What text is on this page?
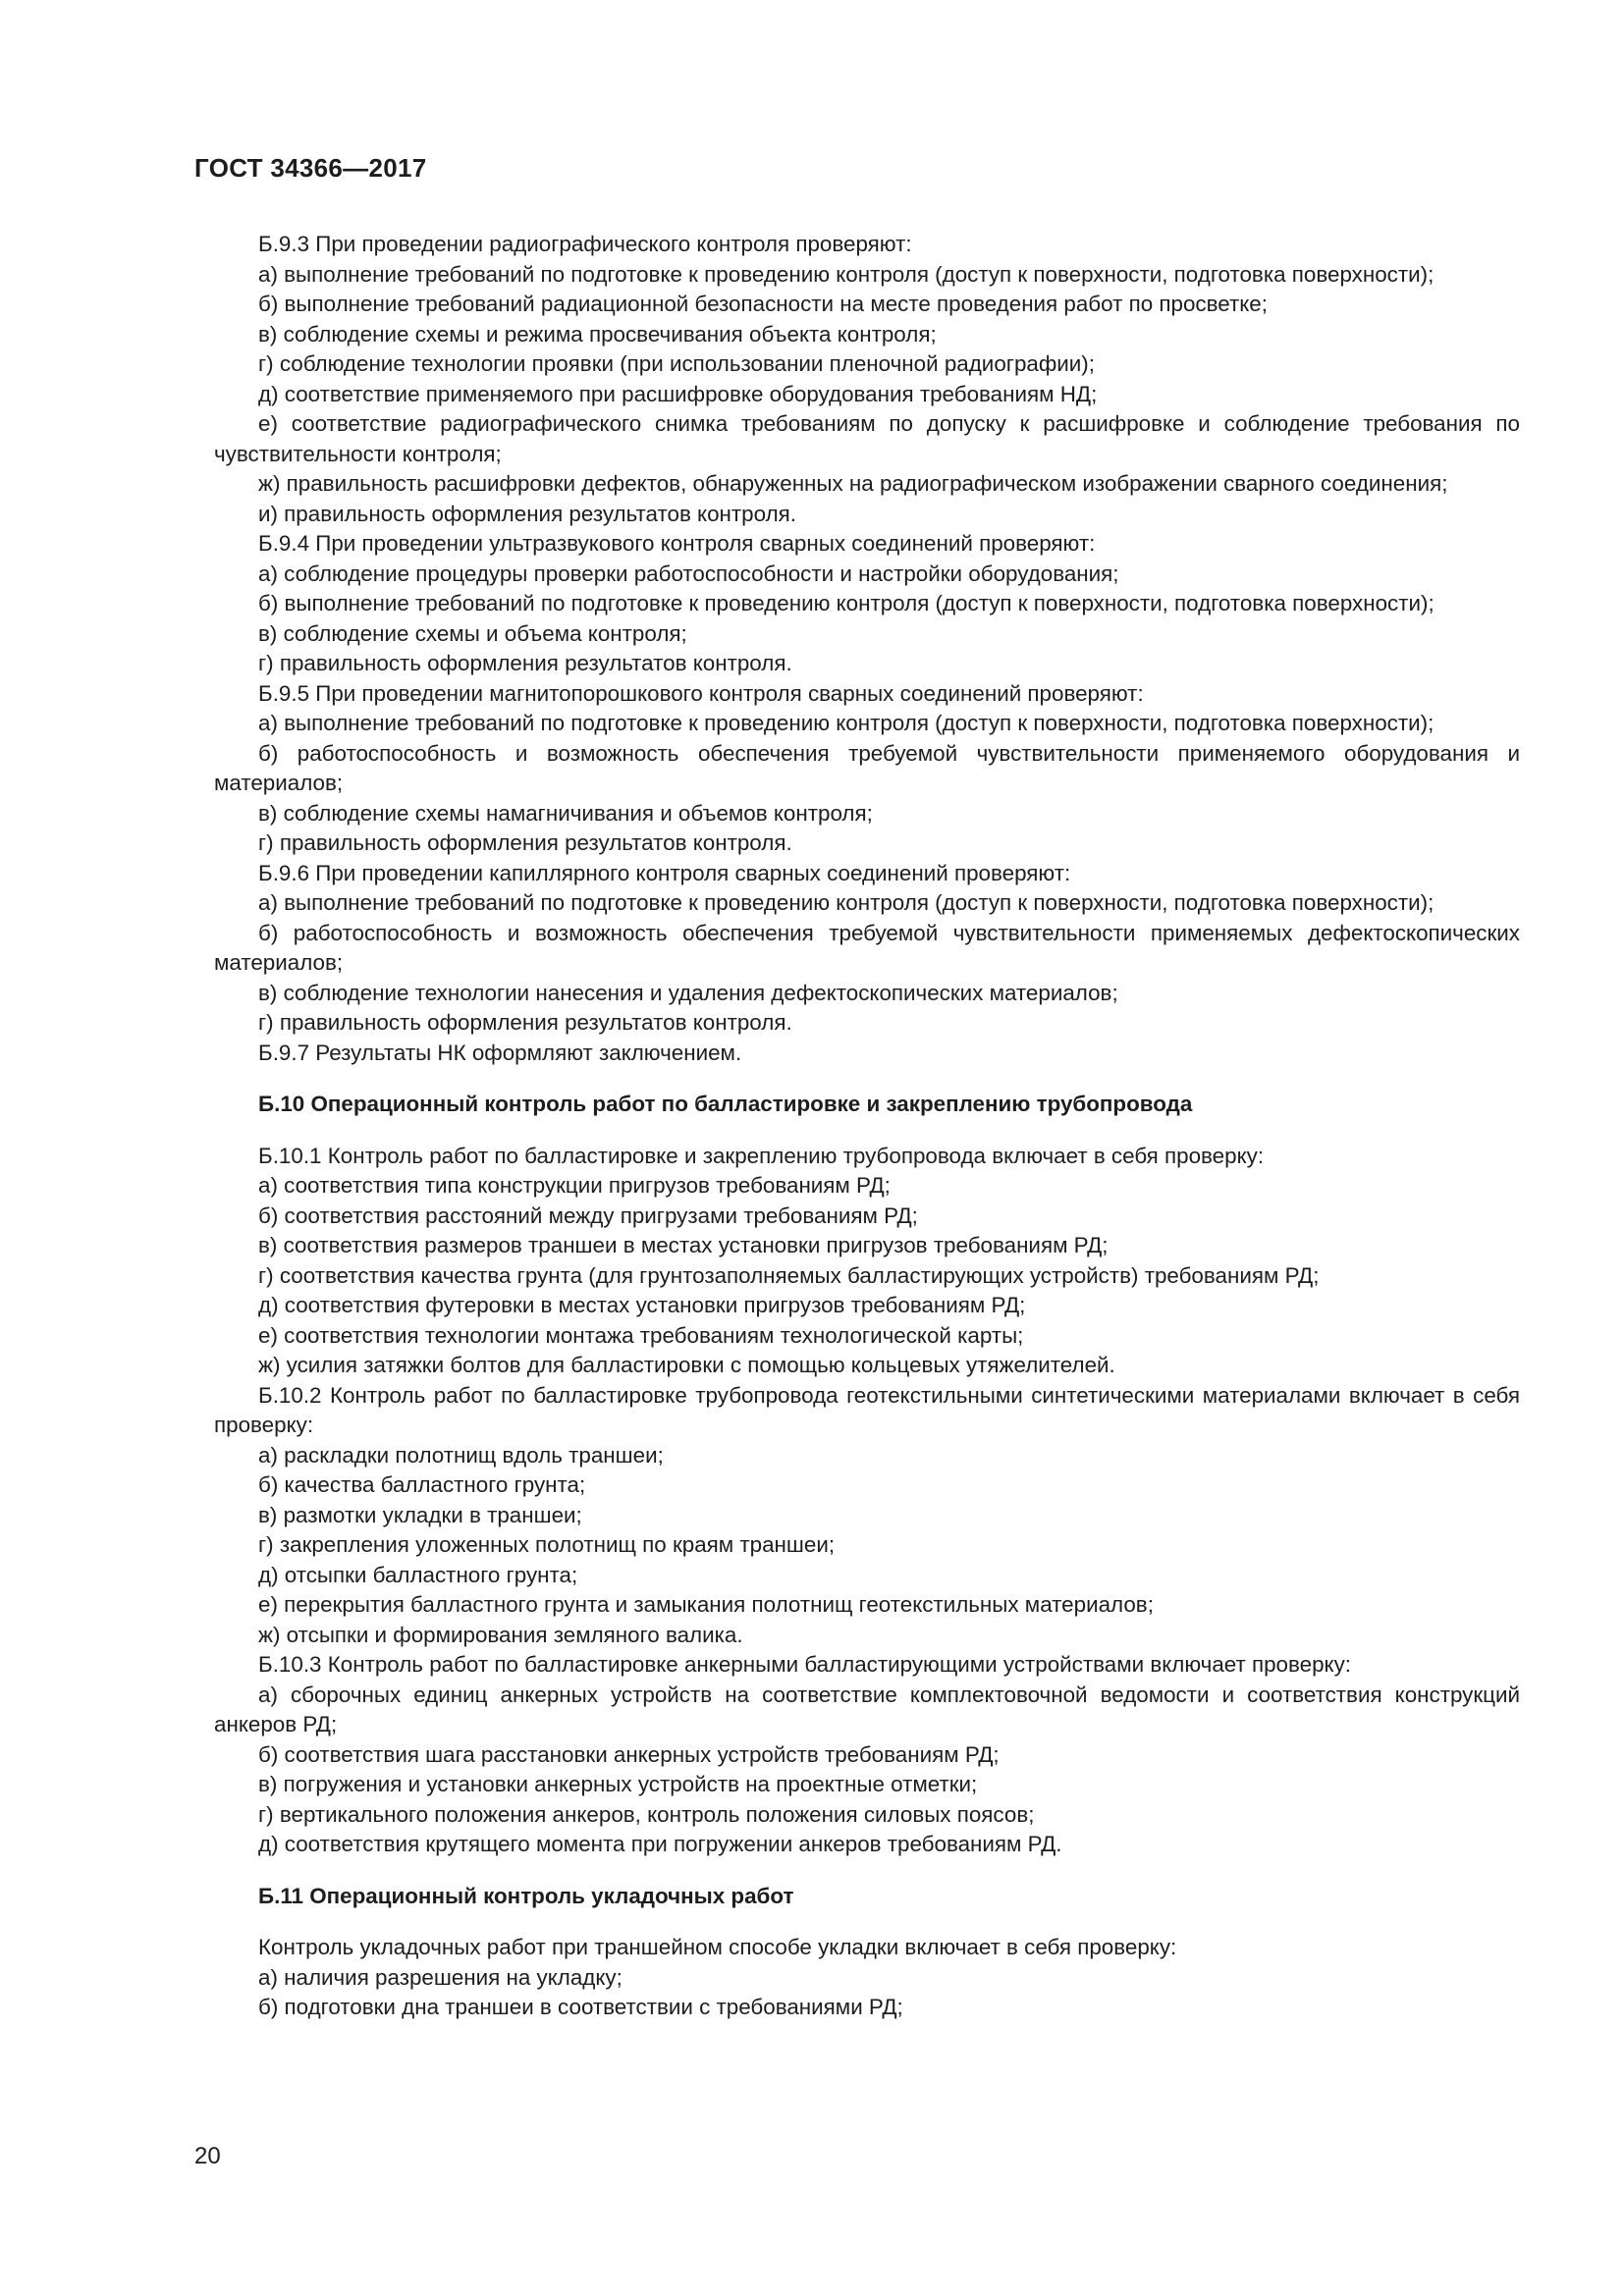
ГОСТ 34366—2017

Б.9.3 При проведении радиографического контроля проверяют:

а) выполнение требований по подготовке к проведению контроля (доступ к поверхности, подготовка поверхности);

б) выполнение требований радиационной безопасности на месте проведения работ по просветке;

в) соблюдение схемы и режима просвечивания объекта контроля;

г) соблюдение технологии проявки (при использовании пленочной радиографии);

д) соответствие применяемого при расшифровке оборудования требованиям НД;

е) соответствие радиографического снимка требованиям по допуску к расшифровке и соблюдение требования по чувствительности контроля;

ж) правильность расшифровки дефектов, обнаруженных на радиографическом изображении сварного соединения;

и) правильность оформления результатов контроля.

Б.9.4 При проведении ультразвукового контроля сварных соединений проверяют:

а) соблюдение процедуры проверки работоспособности и настройки оборудования;

б) выполнение требований по подготовке к проведению контроля (доступ к поверхности, подготовка поверхности);

в) соблюдение схемы и объема контроля;

г) правильность оформления результатов контроля.

Б.9.5 При проведении магнитопорошкового контроля сварных соединений проверяют:

а) выполнение требований по подготовке к проведению контроля (доступ к поверхности, подготовка поверхности);

б) работоспособность и возможность обеспечения требуемой чувствительности применяемого оборудования и материалов;

в) соблюдение схемы намагничивания и объемов контроля;

г) правильность оформления результатов контроля.

Б.9.6 При проведении капиллярного контроля сварных соединений проверяют:

а) выполнение требований по подготовке к проведению контроля (доступ к поверхности, подготовка поверхности);

б) работоспособность и возможность обеспечения требуемой чувствительности применяемых дефектоскопических материалов;

в) соблюдение технологии нанесения и удаления дефектоскопических материалов;

г) правильность оформления результатов контроля.

Б.9.7 Результаты НК оформляют заключением.

Б.10 Операционный контроль работ по балластировке и закреплению трубопровода

Б.10.1 Контроль работ по балластировке и закреплению трубопровода включает в себя проверку:

а) соответствия типа конструкции пригрузов требованиям РД;

б) соответствия расстояний между пригрузами требованиям РД;

в) соответствия размеров траншеи в местах установки пригрузов требованиям РД;

г) соответствия качества грунта (для грунтозаполняемых балластирующих устройств) требованиям РД;

д) соответствия футеровки в местах установки пригрузов требованиям РД;

е) соответствия технологии монтажа требованиям технологической карты;

ж) усилия затяжки болтов для балластировки с помощью кольцевых утяжелителей.

Б.10.2 Контроль работ по балластировке трубопровода геотекстильными синтетическими материалами включает в себя проверку:

а) раскладки полотнищ вдоль траншеи;

б) качества балластного грунта;

в) размотки укладки в траншеи;

г) закрепления уложенных полотнищ по краям траншеи;

д) отсыпки балластного грунта;

е) перекрытия балластного грунта и замыкания полотнищ геотекстильных материалов;

ж) отсыпки и формирования земляного валика.

Б.10.3 Контроль работ по балластировке анкерными балластирующими устройствами включает проверку:

а) сборочных единиц анкерных устройств на соответствие комплектовочной ведомости и соответствия конструкций анкеров РД;

б) соответствия шага расстановки анкерных устройств требованиям РД;

в) погружения и установки анкерных устройств на проектные отметки;

г) вертикального положения анкеров, контроль положения силовых поясов;

д) соответствия крутящего момента при погружении анкеров требованиям РД.

Б.11 Операционный контроль укладочных работ

Контроль укладочных работ при траншейном способе укладки включает в себя проверку:

а) наличия разрешения на укладку;

б) подготовки дна траншеи в соответствии с требованиями РД;

20
